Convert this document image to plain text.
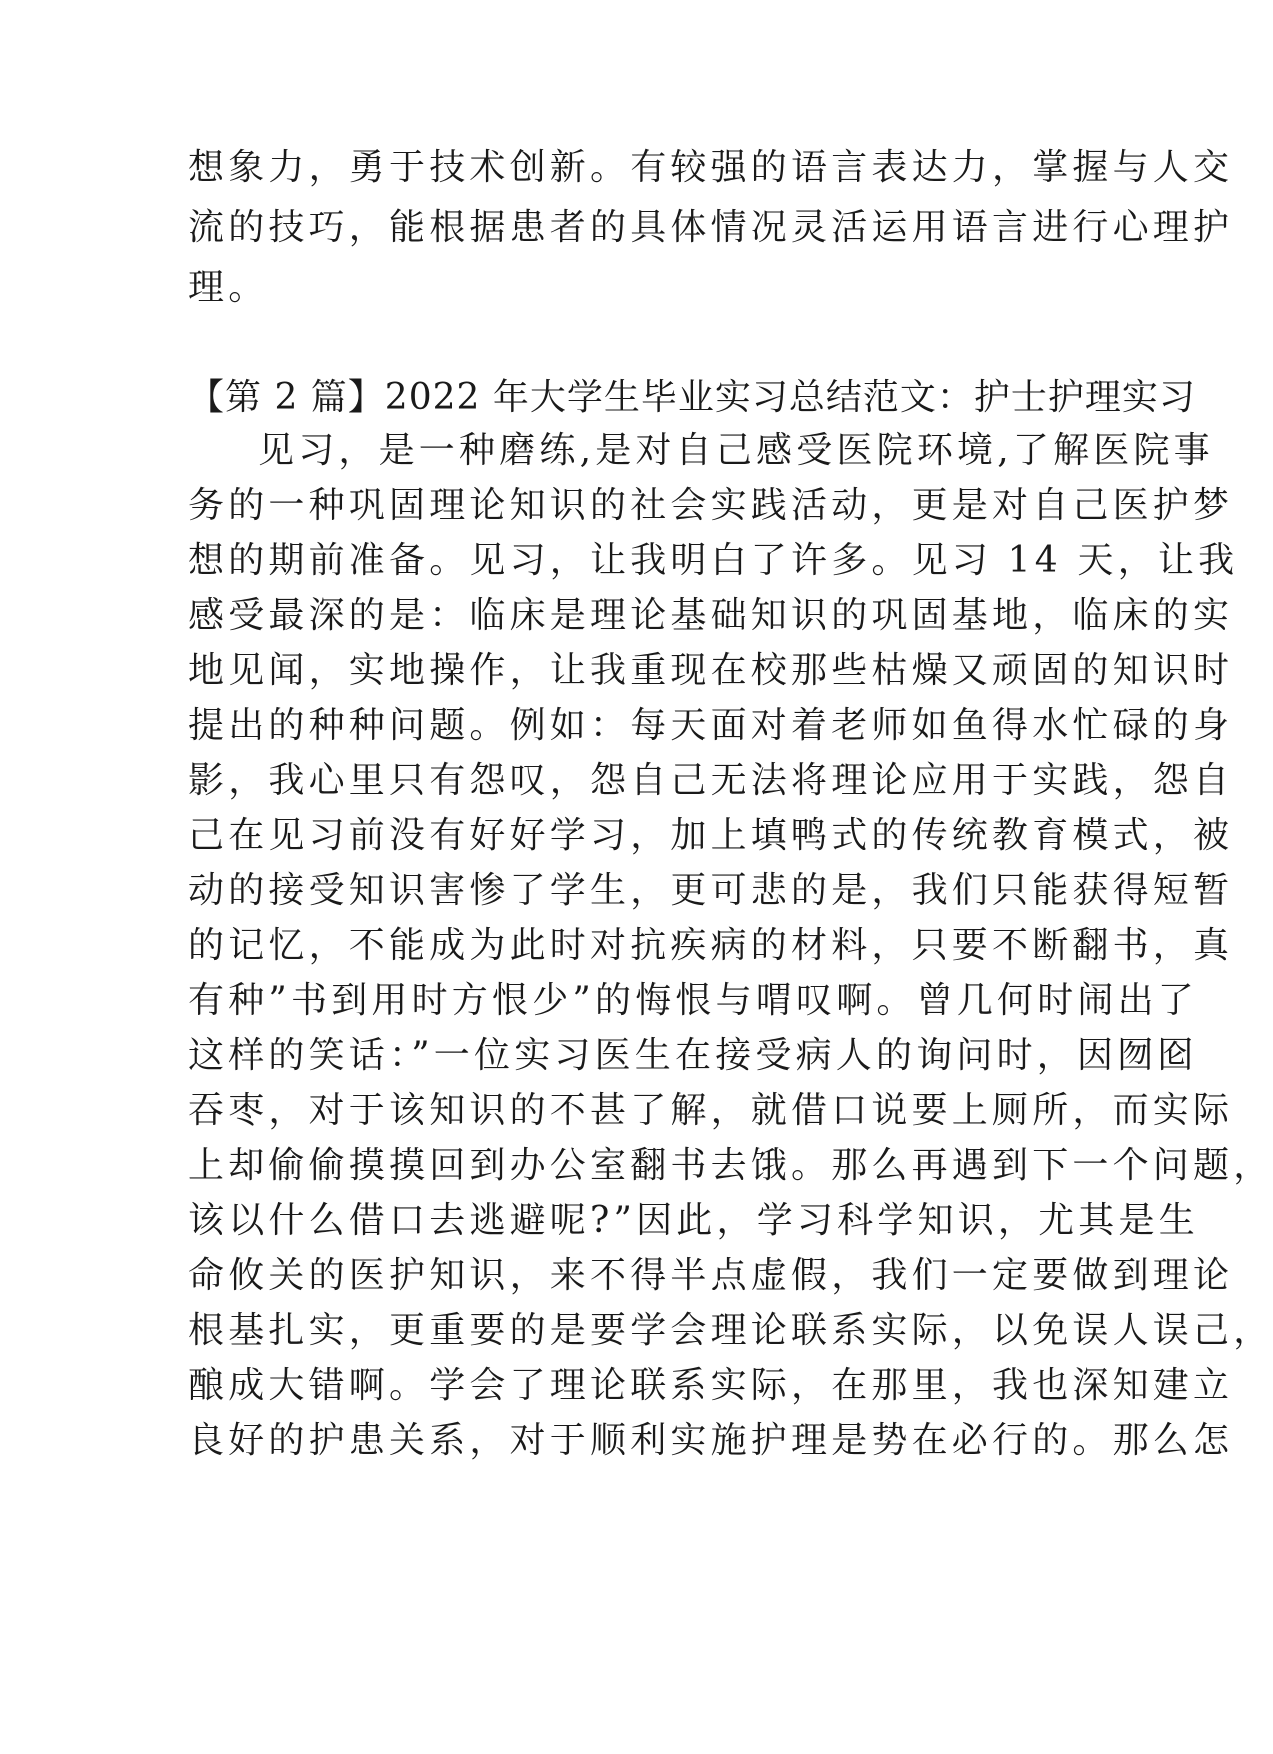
想象力，勇于技术创新。有较强的语言表达力，掌握与人交
流的技巧，能根据患者的具体情况灵活运用语言进行心理护
理。
【第 2 篇】2022 年大学生毕业实习总结范文：护士护理实习
见习，是一种磨练,是对自己感受医院环境,了解医院事
务的一种巩固理论知识的社会实践活动，更是对自己医护梦
想的期前准备。见习，让我明白了许多。见习 14 天，让我
感受最深的是：临床是理论基础知识的巩固基地，临床的实
地见闻，实地操作，让我重现在校那些枯燥又顽固的知识时
提出的种种问题。例如：每天面对着老师如鱼得水忙碌的身
影，我心里只有怨叹，怨自己无法将理论应用于实践，怨自
己在见习前没有好好学习，加上填鸭式的传统教育模式，被
动的接受知识害惨了学生，更可悲的是，我们只能获得短暂
的记忆，不能成为此时对抗疾病的材料，只要不断翻书，真
有种”书到用时方恨少”的悔恨与喟叹啊。曾几何时闹出了
这样的笑话：”一位实习医生在接受病人的询问时，因囫囵
吞枣，对于该知识的不甚了解，就借口说要上厕所，而实际
上却偷偷摸摸回到办公室翻书去饿。那么再遇到下一个问题，
该以什么借口去逃避呢?”因此，学习科学知识，尤其是生
命攸关的医护知识，来不得半点虚假，我们一定要做到理论
根基扎实，更重要的是要学会理论联系实际，以免误人误己，
酿成大错啊。学会了理论联系实际，在那里，我也深知建立
良好的护患关系，对于顺利实施护理是势在必行的。那么怎
